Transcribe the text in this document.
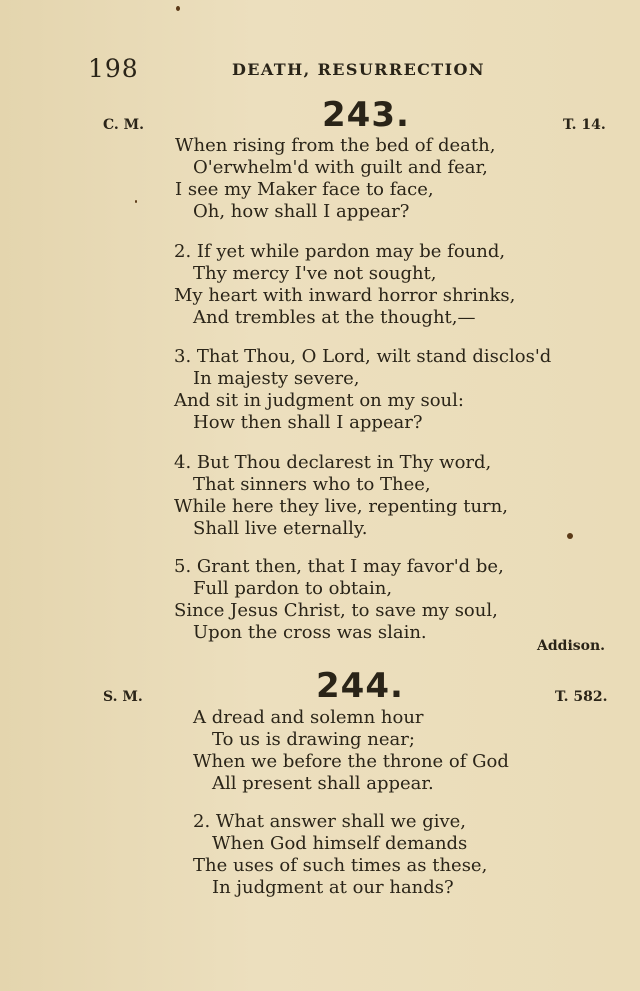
198	DEATH, RESURRECTION
C. M.	243.	T. 14.
When rising from the bed of death,
O'erwhelm'd with guilt and fear,
I see my Maker face to face,
Oh, how shall I appear?
2. If yet while pardon may be found,
Thy mercy I've not sought,
My heart with inward horror shrinks,
And trembles at the thought,—
3. That Thou, O Lord, wilt stand disclos'd
In majesty severe,
And sit in judgment on my soul:
How then shall I appear?
4. But Thou declarest in Thy word,
That sinners who to Thee,
While here they live, repenting turn,
Shall live eternally.
5. Grant then, that I may favor'd be,
Full pardon to obtain,
Since Jesus Christ, to save my soul,
Upon the cross was slain.
Addison.
S. M.	244.	T. 582.
A dread and solemn hour
To us is drawing near;
When we before the throne of God
All present shall appear.
2. What answer shall we give,
When God himself demands
The uses of such times as these,
In judgment at our hands?
